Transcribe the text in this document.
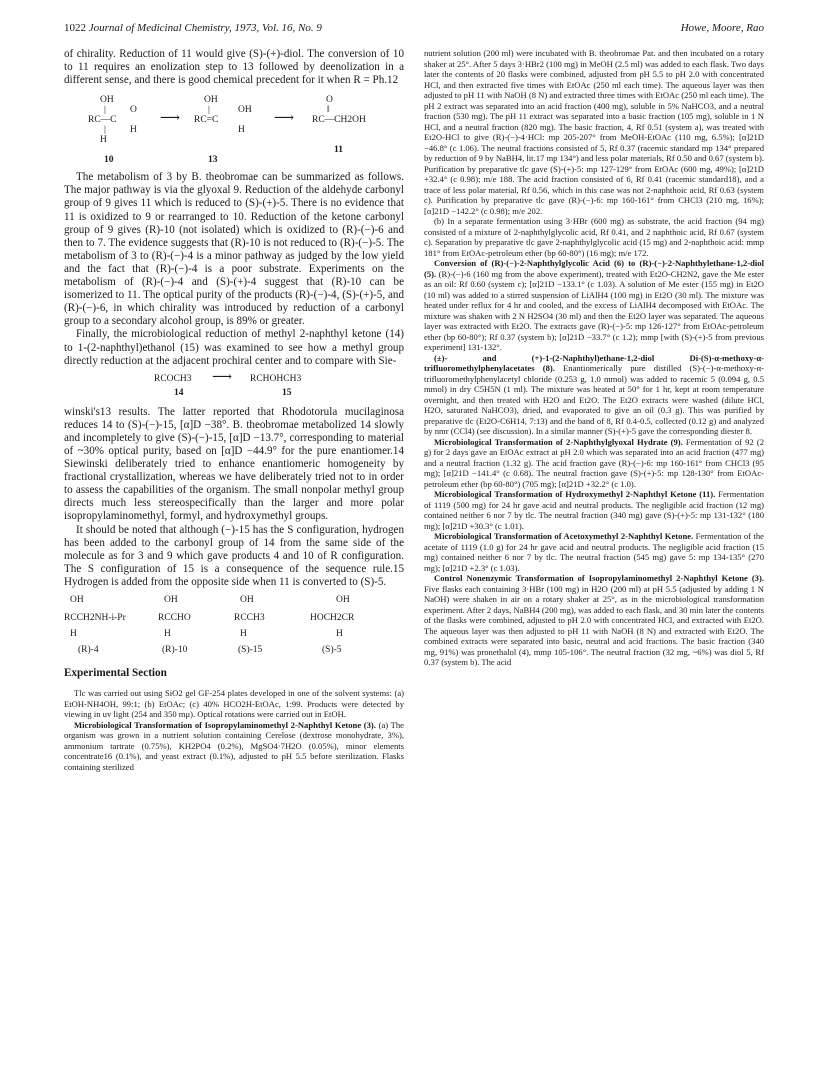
1022 Journal of Medicinal Chemistry, 1973, Vol. 16, No. 9	Howe, Moore, Rao

of chirality. Reduction of 11 would give (S)-(+)-diol. The conversion of 10 to 11 requires an enolization step to 13 followed by deenolization in a different sense, and there is good chemical precedent for it when R = Ph.12

OH
|
RC—C
O
H
|
H
10
⟶
OH
|
RC=C
OH
H
13
⟶
O
‖
RC—CH2OH
11

The metabolism of 3 by B. theobromae can be summarized as follows. The major pathway is via the glyoxal 9. Reduction of the aldehyde carbonyl group of 9 gives 11 which is reduced to (S)-(+)-5. There is no evidence that 11 is oxidized to 9 or rearranged to 10. Reduction of the ketone carbonyl group of 9 gives (R)-10 (not isolated) which is oxidized to (R)-(−)-6 and then to 7. The evidence suggests that (R)-10 is not reduced to (R)-(−)-5. The metabolism of 3 to (R)-(−)-4 is a minor pathway as judged by the low yield and the fact that (R)-(−)-4 is a poor substrate. Experiments on the metabolism of (R)-(−)-4 and (S)-(+)-4 suggest that (R)-10 can be isomerized to 11. The optical purity of the products (R)-(−)-4, (S)-(+)-5, and (R)-(−)-6, in which chirality was introduced by reduction of a carbonyl group to a secondary alcohol group, is 89% or greater.

Finally, the microbiological reduction of methyl 2-naphthyl ketone (14) to 1-(2-naphthyl)ethanol (15) was examined to see how a methyl group directly reduction at the adjacent prochiral center and to compare with Sie-

RCOCH3 ⟶ RCHOHCH3
14	15

winski's13 results. The latter reported that Rhodotorula mucilaginosa reduces 14 to (S)-(−)-15, [α]D −38°. B. theobromae metabolized 14 slowly and incompletely to give (S)-(−)-15, [α]D −13.7°, corresponding to material of ~30% optical purity, based on [α]D −44.9° for the pure enantiomer.14 Siewinski deliberately tried to enhance enantiomeric homogeneity by fractional crystallization, whereas we have deliberately tried not to in order to assess the capabilities of the organism. The small nonpolar methyl group directs much less stereospecifically than the larger and more polar isopropylaminomethyl, formyl, and hydroxymethyl groups.

It should be noted that although (−)-15 has the S configuration, hydrogen has been added to the carbonyl group of 14 from the same side of the molecule as for 3 and 9 which gave products 4 and 10 of R configuration. The S configuration of 15 is a consequence of the sequence rule.15 Hydrogen is added from the opposite side when 11 is converted to (S)-5.

OH
RCCH2NH-i-Pr
H
(R)-4
OH
RCCHO
H
(R)-10
OH
RCCH3
H
(S)-15
OH
HOCH2CR
H
(S)-5
Experimental Section

Tlc was carried out using SiO2 gel GF-254 plates developed in one of the solvent systems: (a) EtOH-NH4OH, 99:1; (b) EtOAc; (c) 40% HCO2H-EtOAc, 1:99. Products were detected by viewing in uv light (254 and 350 mμ). Optical rotations were carried out in EtOH.

Microbiological Transformation of Isopropylaminomethyl 2-Naphthyl Ketone (3). (a) The organism was grown in a nutrient solution containing Cerelose (dextrose monohydrate, 3%), ammonium tartrate (0.75%), KH2PO4 (0.2%), MgSO4·7H2O (0.05%), minor elements concentrate16 (0.1%), and yeast extract (0.1%), adjusted to pH 5.5 before sterilization. Flasks containing sterilized

nutrient solution (200 ml) were incubated with B. theobromae Pat. and then incubated on a rotary shaker at 25°. After 5 days 3·HBr2 (100 mg) in MeOH (2.5 ml) was added to each flask. Two days later the contents of 20 flasks were combined, adjusted from pH 5.5 to pH 2.0 with concentrated HCl, and then extracted five times with EtOAc (250 ml each time). The aqueous layer was then adjusted to pH 11 with NaOH (8 N) and extracted three times with EtOAc (250 ml each time). The pH 2 extract was separated into an acid fraction (400 mg), soluble in 5% NaHCO3, and a neutral fraction (530 mg). The pH 11 extract was separated into a basic fraction (105 mg), soluble in 1 N HCl, and a neutral fraction (820 mg). The basic fraction, 4, Rf 0.51 (system a), was treated with Et2O-HCl to give (R)-(−)-4·HCl: mp 205-207° from MeOH-EtOAc (110 mg, 6.5%); [α]21D −46.8° (c 1.06). The neutral fractions consisted of 5, Rf 0.37 (racemic standard mp 134° prepared by reduction of 9 by NaBH4, lit.17 mp 134°) and less polar materials, Rf 0.50 and 0.67 (system b). Purification by preparative tlc gave (S)-(+)-5: mp 127-129° from EtOAc (600 mg, 49%); [α]21D +32.4° (c 0.98); m/e 188. The acid fraction consisted of 6, Rf 0.41 (racemic standard18), and a trace of less polar material, Rf 0.56, which in this case was not 2-naphthoic acid, Rf 0.63 (system c). Purification by preparative tlc gave (R)-(−)-6: mp 160-161° from CHCl3 (210 mg, 16%); [α]21D −142.2° (c 0.98); m/e 202.

(b) In a separate fermentation using 3·HBr (600 mg) as substrate, the acid fraction (94 mg) consisted of a mixture of 2-naphthylglycolic acid, Rf 0.41, and 2 naphthoic acid, Rf 0.67 (system c). Separation by preparative tlc gave 2-naphthylglycolic acid (15 mg) and 2-naphthoic acid: mmp 181° from EtOAc-petroleum ether (bp 60-80°) (16 mg); m/e 172.

Conversion of (R)-(−)-2-Naphthylglycolic Acid (6) to (R)-(−)-2-Naphthylethane-1,2-diol (5). (R)-(−)-6 (160 mg from the above experiment), treated with Et2O-CH2N2, gave the Me ester as an oil: Rf 0.60 (system c); [α]21D −133.1° (c 1.03). A solution of Me ester (155 mg) in Et2O (10 ml) was added to a stirred suspension of LiAlH4 (100 mg) in Et2O (30 ml). The mixture was heated under reflux for 4 hr and cooled, and the excess of LiAlH4 decomposed with EtOAc. The mixture was shaken with 2 N H2SO4 (30 ml) and then the Et2O layer was separated. The aqueous layer was extracted with Et2O. The extracts gave (R)-(−)-5: mp 126-127° from EtOAc-petroleum ether (bp 60-80°); Rf 0.37 (system b); [α]21D −33.7° (c 1.2); mmp [with (S)-(+)-5 from previous experiment] 131-132°.

(±)- and (+)-1-(2-Naphthyl)ethane-1,2-diol Di-(S)-α-methoxy-α-trifluoromethylphenylacetates (8). Enantiomerically pure distilled (S)-(−)-α-methoxy-α-trifluoromethylphenylacetyl chloride (0.253 g, 1.0 mmol) was added to racemic 5 (0.094 g, 0.5 mmol) in dry C5H5N (1 ml). The mixture was heated at 50° for 1 hr, kept at room temperature overnight, and then treated with H2O and Et2O. The Et2O extracts were washed (dilute HCl, H2O, saturated NaHCO3), dried, and evaporated to give an oil (0.3 g). This was purified by preparative tlc (Et2O-C6H14, 7:13) and the band of 8, Rf 0.4-0.5, collected (0.12 g) and analyzed by nmr (CCl4) (see discussion). In a similar manner (S)-(+)-5 gave the corresponding diester 8.

Microbiological Transformation of 2-Naphthylglyoxal Hydrate (9). Fermentation of 92 (2 g) for 2 days gave an EtOAc extract at pH 2.0 which was separated into an acid fraction (477 mg) and a neutral fraction (1.32 g). The acid fraction gave (R)-(−)-6: mp 160-161° from CHCl3 (95 mg); [α]21D −141.4° (c 0.68). The neutral fraction gave (S)-(+)-5: mp 128-130° from EtOAc-petroleum ether (bp 60-80°) (705 mg); [α]21D +32.2° (c 1.0).

Microbiological Transformation of Hydroxymethyl 2-Naphthyl Ketone (11). Fermentation of 1119 (500 mg) for 24 hr gave acid and neutral products. The negligible acid fraction (12 mg) contained neither 6 nor 7 by tlc. The neutral fraction (340 mg) gave (S)-(+)-5: mp 131-132° (180 mg); [α]21D +30.3° (c 1.01).

Microbiological Transformation of Acetoxymethyl 2-Naphthyl Ketone. Fermentation of the acetate of 1119 (1.0 g) for 24 hr gave acid and neutral products. The negligible acid fraction (15 mg) contained neither 6 nor 7 by tlc. The neutral fraction (545 mg) gave 5: mp 134-135° (270 mg); [α]21D +2.3° (c 1.03).

Control Nonenzymic Transformation of Isopropylaminomethyl 2-Naphthyl Ketone (3). Five flasks each containing 3·HBr (100 mg) in H2O (200 ml) at pH 5.5 (adjusted by adding 1 N NaOH) were shaken in air on a rotary shaker at 25°, as in the microbiological transformation experiment. After 2 days, NaBH4 (200 mg), was added to each flask, and 30 min later the contents of the flasks were combined, adjusted to pH 2.0 with concentrated HCl, and extracted with Et2O. The aqueous layer was then adjusted to pH 11 with NaOH (8 N) and extracted with Et2O. The combined extracts were separated into basic, neutral and acid fractions. The basic fraction (340 mg, 91%) was pronethalol (4), mmp 105-106°. The neutral fraction (32 mg, ~6%) was diol 5, Rf 0.37 (system b). The acid
